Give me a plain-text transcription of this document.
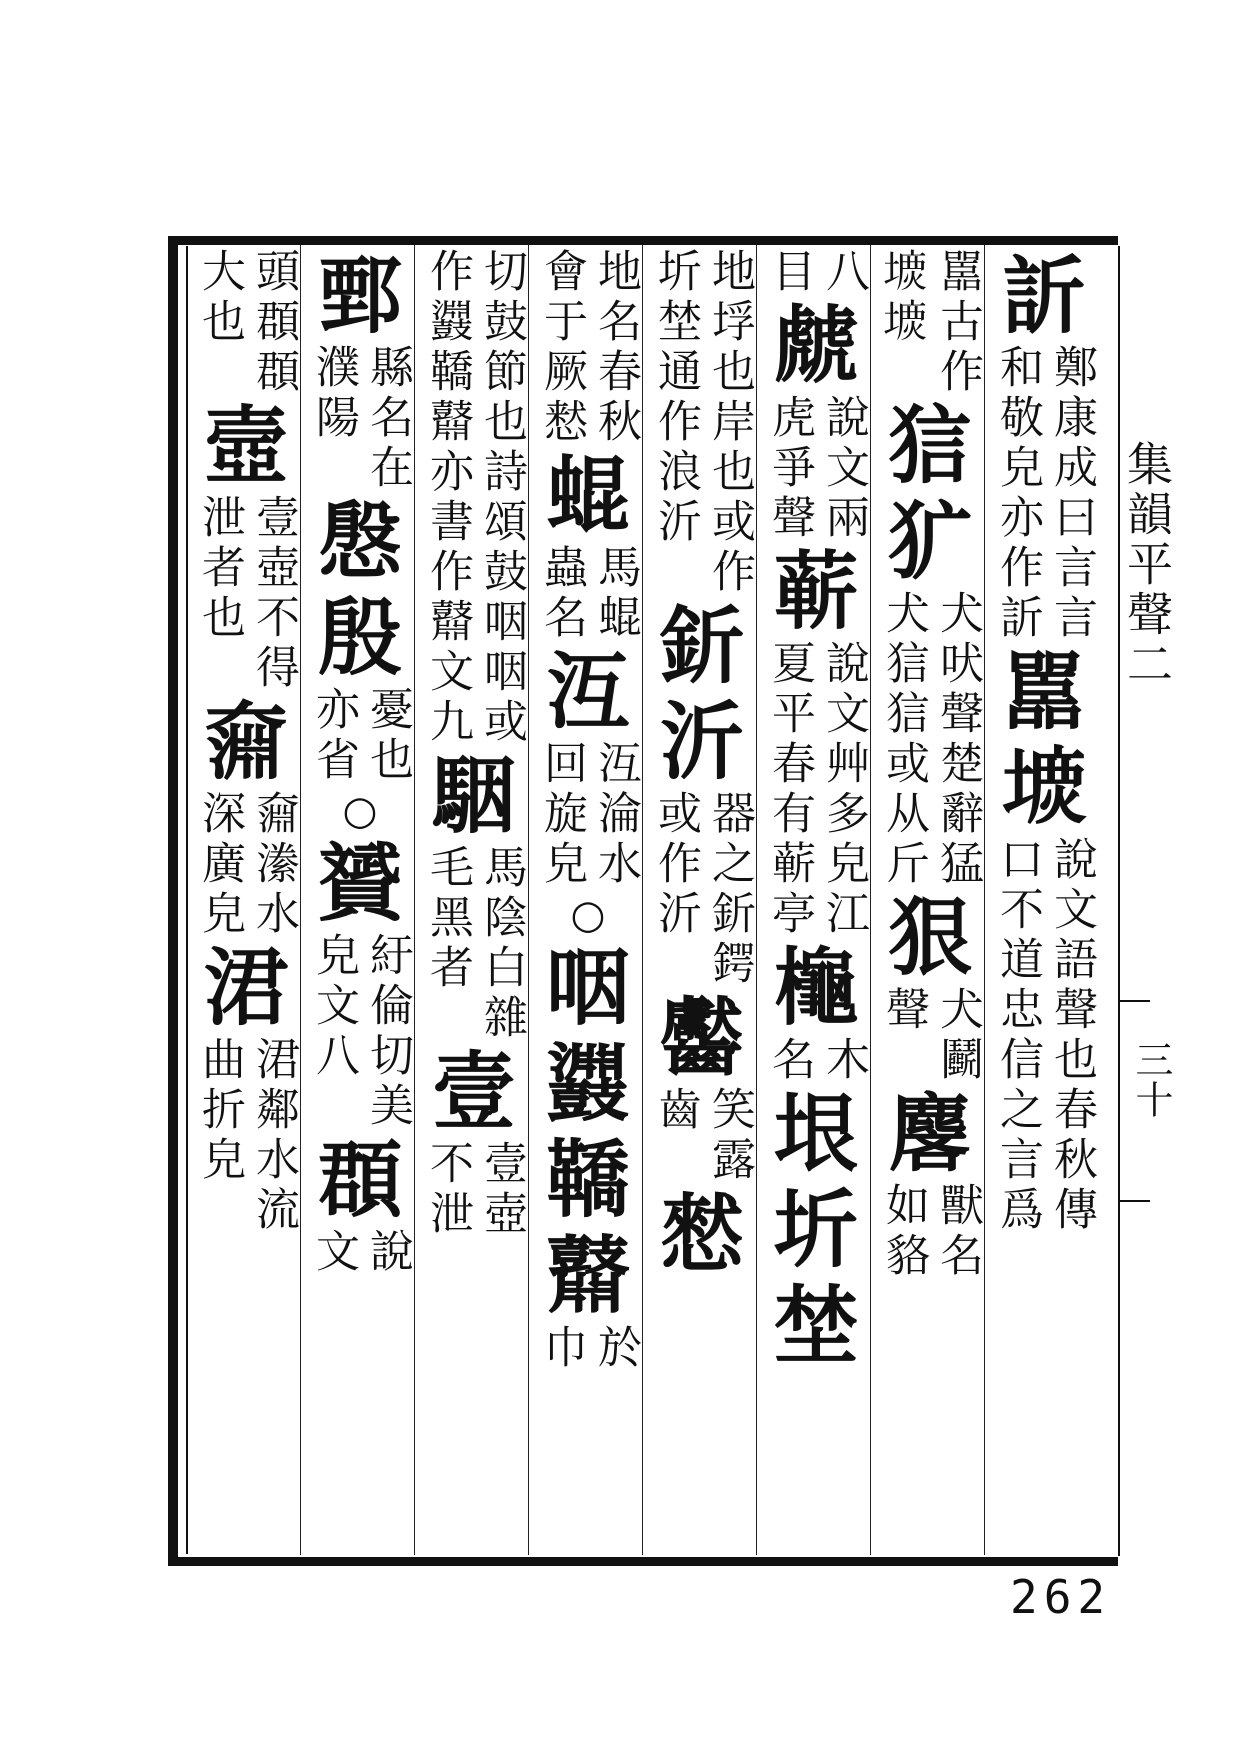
集韻平聲二
三十
訢
鄭康成曰言言
和敬皃亦作訢
嚚
𡐝
說文語聲也春秋傳
口不道忠信之言爲
嚚古作
𡐝𡐝
狺
犷
犬吠聲楚辭猛
犬狺狺或从斤
狠
犬鬬
聲
麐
獸名
如貉
八
目
虤
說文兩
虎爭聲
蕲
說文艸多皃江
夏平春有蕲亭
櫷
木
名
垠
圻
埜
地垺也岸也或作
圻埜通作浪沂
釿
沂
器之釿鍔
或作沂
齾
笑露
齒
憖
地名春秋
會于厥慭
蜫
馬蜫
蟲名
沍
沍淪水
回旋皃
○
咽
鼝
鞽
鼘
於
巾
切鼓節也詩頌鼓咽咽或
作鼝鞽鼘亦書作鼘文九
駰
馬陰白雜
毛黑者
壹
壹壺
不泄
鄄
縣名在
濮陽
慇
殷
憂也
亦省
○
贇
紆倫切美
皃文八
頵
說
文
頭頵頵
大也
壼
壹壺不得
泄者也
奫
奫潫水
深廣皃
涒
涒鄰水流
曲折皃
262
